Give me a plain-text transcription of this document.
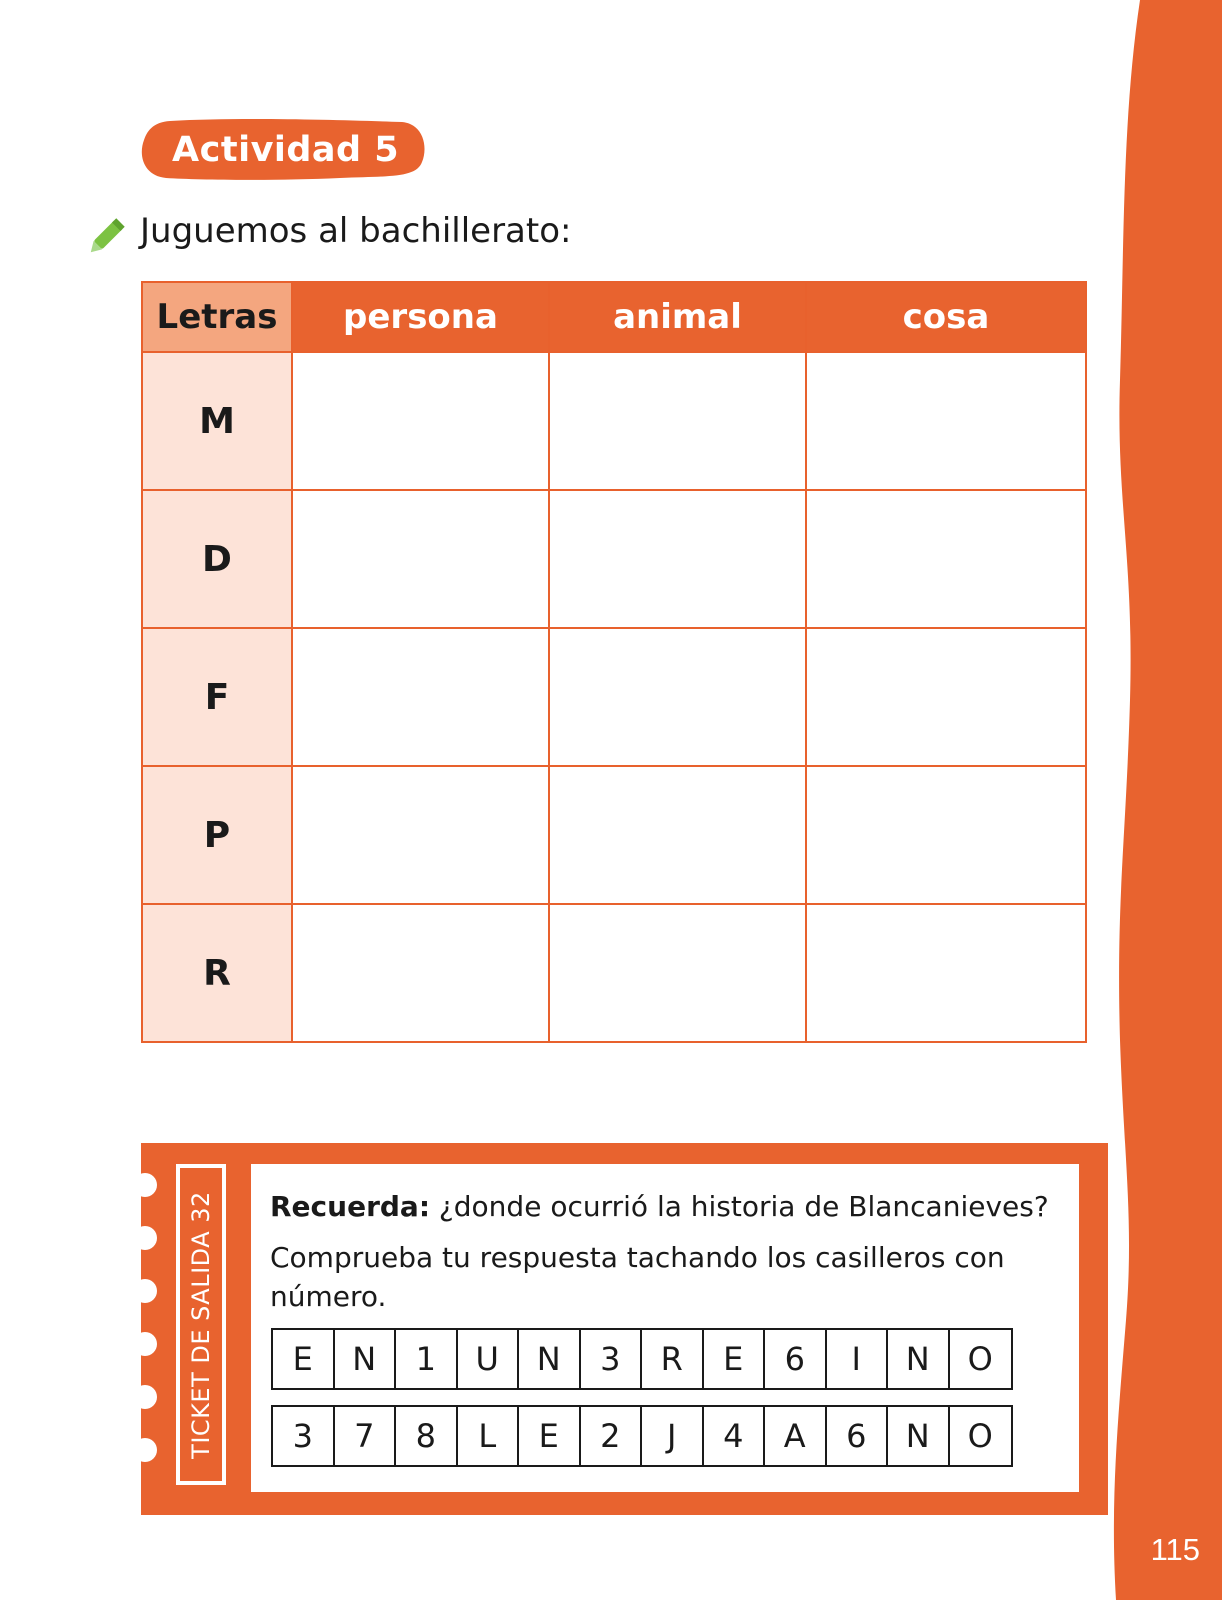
115
Actividad 5
Juguemos al bachillerato:
Letras	persona	animal	cosa
M			
D			
F			
P			
R			
TICKET DE SALIDA 32 Recuerda: ¿donde ocurrió la historia de Blancanieves?
Comprueba tu respuesta tachando los casilleros con número.
E	N	1	U	N	3	R	E	6	I	N	O
3	7	8	L	E	2	J	4	A	6	N	O
LECTURA OA 3
